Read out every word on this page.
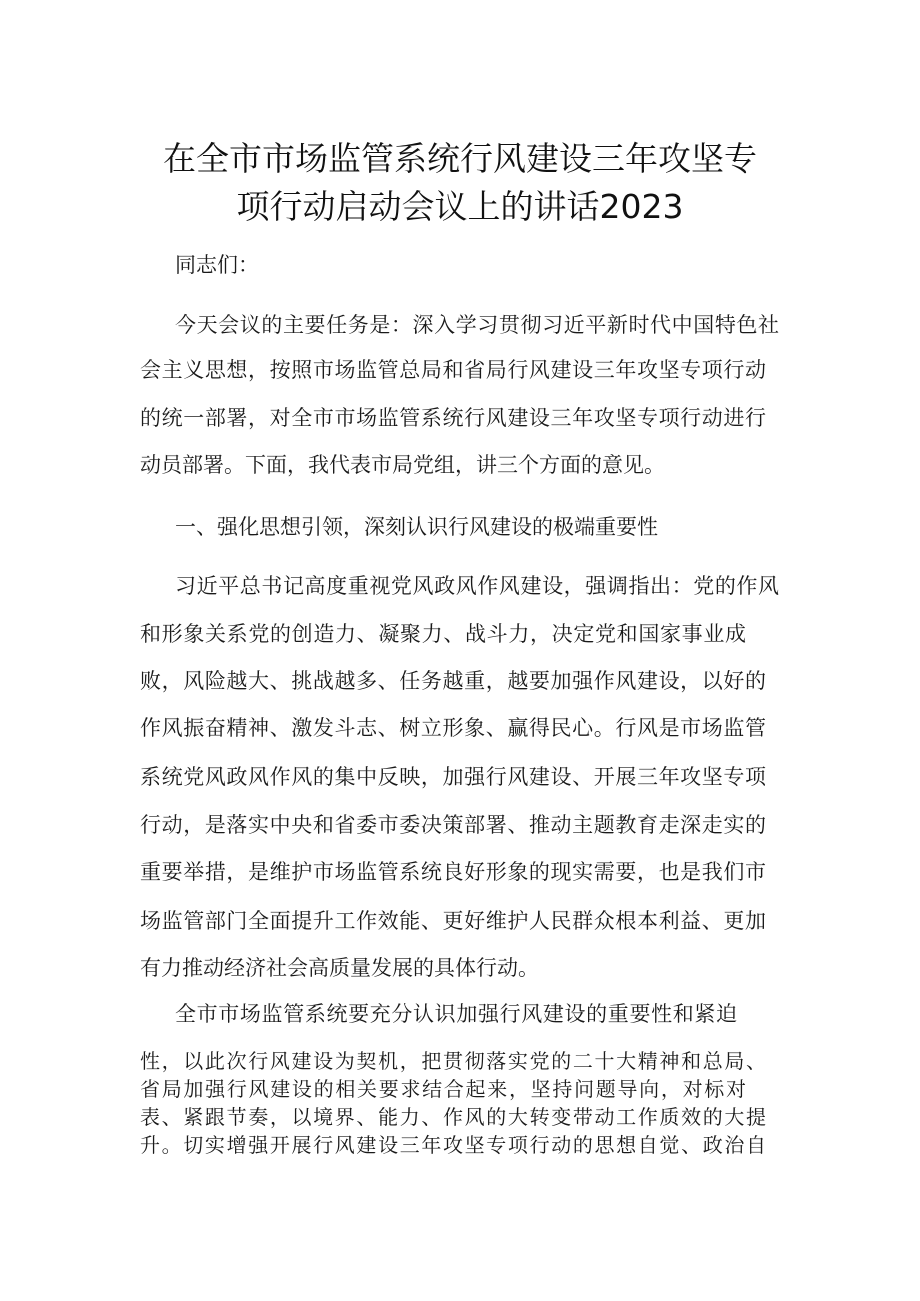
在全市市场监管系统行风建设三年攻坚专
项行动启动会议上的讲话2023
同志们：
今天会议的主要任务是：深入学习贯彻习近平新时代中国特色社
会主义思想，按照市场监管总局和省局行风建设三年攻坚专项行动
的统一部署，对全市市场监管系统行风建设三年攻坚专项行动进行
动员部署。下面，我代表市局党组，讲三个方面的意见。
一、强化思想引领，深刻认识行风建设的极端重要性
习近平总书记高度重视党风政风作风建设，强调指出：党的作风
和形象关系党的创造力、凝聚力、战斗力，决定党和国家事业成
败，风险越大、挑战越多、任务越重，越要加强作风建设，以好的
作风振奋精神、激发斗志、树立形象、赢得民心。行风是市场监管
系统党风政风作风的集中反映，加强行风建设、开展三年攻坚专项
行动，是落实中央和省委市委决策部署、推动主题教育走深走实的
重要举措，是维护市场监管系统良好形象的现实需要，也是我们市
场监管部门全面提升工作效能、更好维护人民群众根本利益、更加
有力推动经济社会高质量发展的具体行动。
全市市场监管系统要充分认识加强行风建设的重要性和紧迫
性，以此次行风建设为契机，把贯彻落实党的二十大精神和总局、
省局加强行风建设的相关要求结合起来，坚持问题导向，对标对
表、紧跟节奏，以境界、能力、作风的大转变带动工作质效的大提
升。切实增强开展行风建设三年攻坚专项行动的思想自觉、政治自
